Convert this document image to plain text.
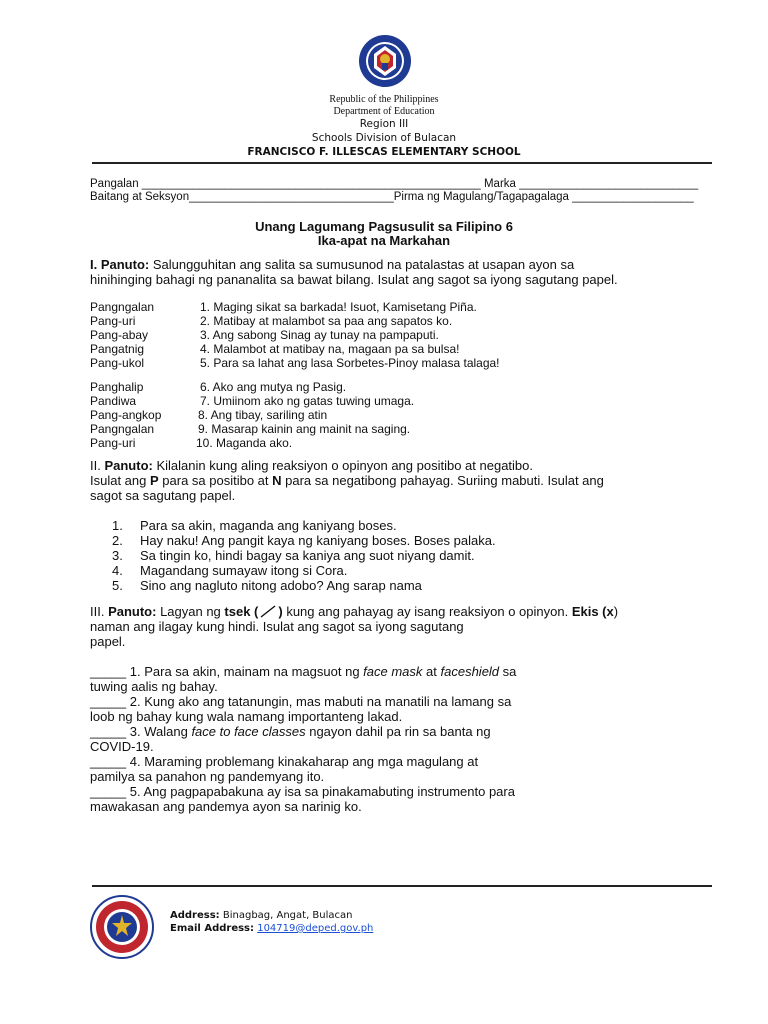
Republic of the Philippines
Department of Education
Region III
Schools Division of Bulacan
FRANCISCO F. ILLESCAS ELEMENTARY SCHOOL
Pangalan _____________________________________________________ Marka ____________________________
Baitang at Seksyon________________________________Pirma ng Magulang/Tagapagalaga ___________________
Unang Lagumang Pagsusulit sa Filipino 6
Ika-apat na Markahan
I. Panuto: Salungguhitan ang salita sa sumusunod na patalastas at usapan ayon sa
hinihinging bahagi ng pananalita sa bawat bilang. Isulat ang sagot sa iyong sagutang papel.
Pangngalan	1. Maging sikat sa barkada! Isuot, Kamisetang Piña.
Pang-uri	2. Matibay at malambot sa paa ang sapatos ko.
Pang-abay	3. Ang sabong Sinag ay tunay na pampaputi.
Pangatnig	4. Malambot at matibay na, magaan pa sa bulsa!
Pang-ukol	5. Para sa lahat ang lasa Sorbetes-Pinoy malasa talaga!
Panghalip	6. Ako ang mutya ng Pasig.
Pandiwa	7. Umiinom ako ng gatas tuwing umaga.
Pang-angkop	8. Ang tibay, sariling atin
Pangngalan	9. Masarap kainin ang mainit na saging.
Pang-uri	10. Maganda ako.
II. Panuto: Kilalanin kung aling reaksiyon o opinyon ang positibo at negatibo.
Isulat ang P para sa positibo at N para sa negatibong pahayag. Suriing mabuti. Isulat ang
sagot sa sagutang papel.
1. Para sa akin, maganda ang kaniyang boses.
2. Hay naku! Ang pangit kaya ng kaniyang boses. Boses palaka.
3. Sa tingin ko, hindi bagay sa kaniya ang suot niyang damit.
4. Magandang sumayaw itong si Cora.
5. Sino ang nagluto nitong adobo? Ang sarap nama
III. Panuto: Lagyan ng tsek ( ) kung ang pahayag ay isang reaksiyon o opinyon. Ekis (x)
naman ang ilagay kung hindi. Isulat ang sagot sa iyong sagutang
papel.
_____ 1. Para sa akin, mainam na magsuot ng face mask at faceshield sa
tuwing aalis ng bahay.
_____ 2. Kung ako ang tatanungin, mas mabuti na manatili na lamang sa
loob ng bahay kung wala namang importanteng lakad.
_____ 3. Walang face to face classes ngayon dahil pa rin sa banta ng
COVID-19.
_____ 4. Maraming problemang kinakaharap ang mga magulang at
pamilya sa panahon ng pandemyang ito.
_____ 5. Ang pagpapabakuna ay isa sa pinakamabuting instrumento para
mawakasan ang pandemya ayon sa narinig ko.
Address: Binagbag, Angat, Bulacan
Email Address: 104719@deped.gov.ph
